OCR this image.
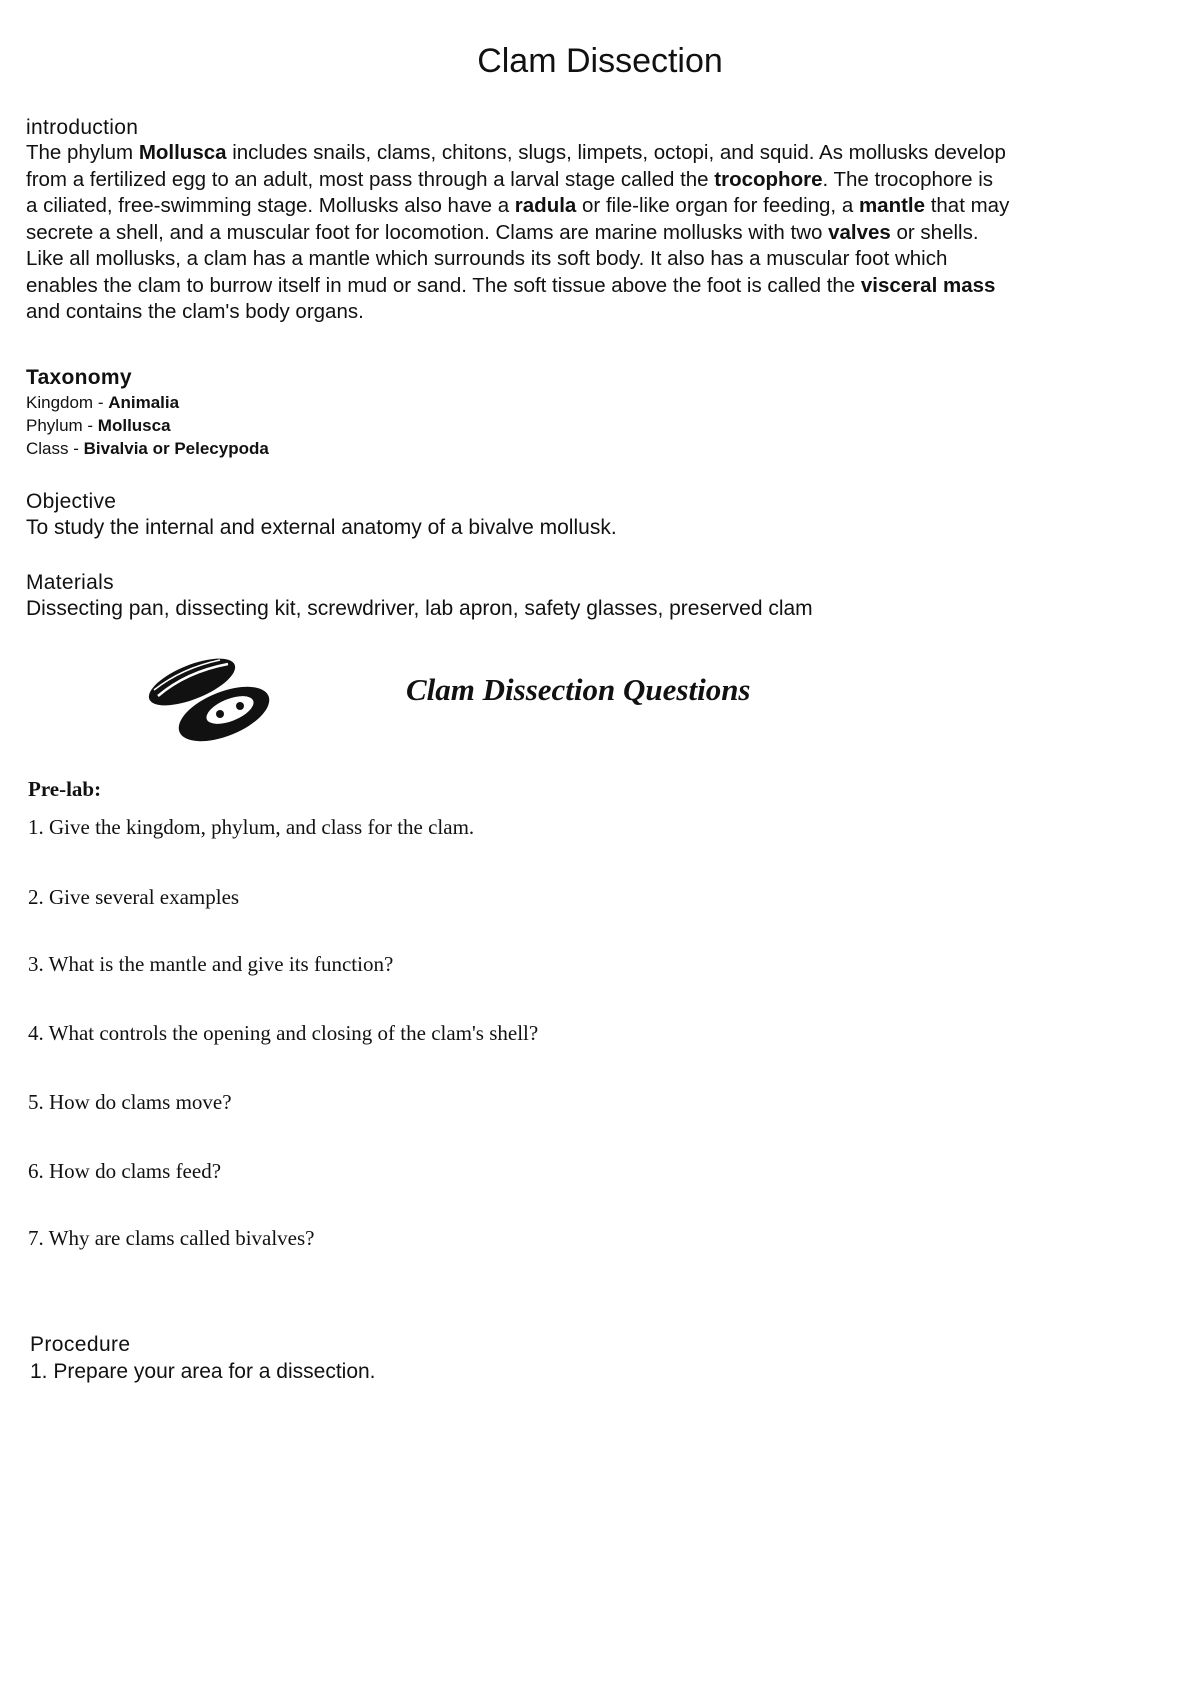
Clam Dissection
introduction
The phylum Mollusca includes snails, clams, chitons, slugs, limpets, octopi, and squid. As mollusks develop
from a fertilized egg to an adult, most pass through a larval stage called the trocophore. The trocophore is
a ciliated, free-swimming stage. Mollusks also have a radula or file-like organ for feeding, a mantle that may
secrete a shell, and a muscular foot for locomotion. Clams are marine mollusks with two valves or shells.
Like all mollusks, a clam has a mantle which surrounds its soft body. It also has a muscular foot which
enables the clam to burrow itself in mud or sand. The soft tissue above the foot is called the visceral mass
and contains the clam's body organs.
Taxonomy
Kingdom - Animalia
Phylum - Mollusca
Class - Bivalvia or Pelecypoda
Objective
To study the internal and external anatomy of a bivalve mollusk.
Materials
Dissecting pan, dissecting kit, screwdriver, lab apron, safety glasses, preserved clam
Clam Dissection Questions
Pre-lab:
1. Give the kingdom, phylum, and class for the clam.
2. Give several examples
3. What is the mantle and give its function?
4. What controls the opening and closing of the clam's shell?
5. How do clams move?
6. How do clams feed?
7. Why are clams called bivalves?
Procedure
1. Prepare your area for a dissection.
